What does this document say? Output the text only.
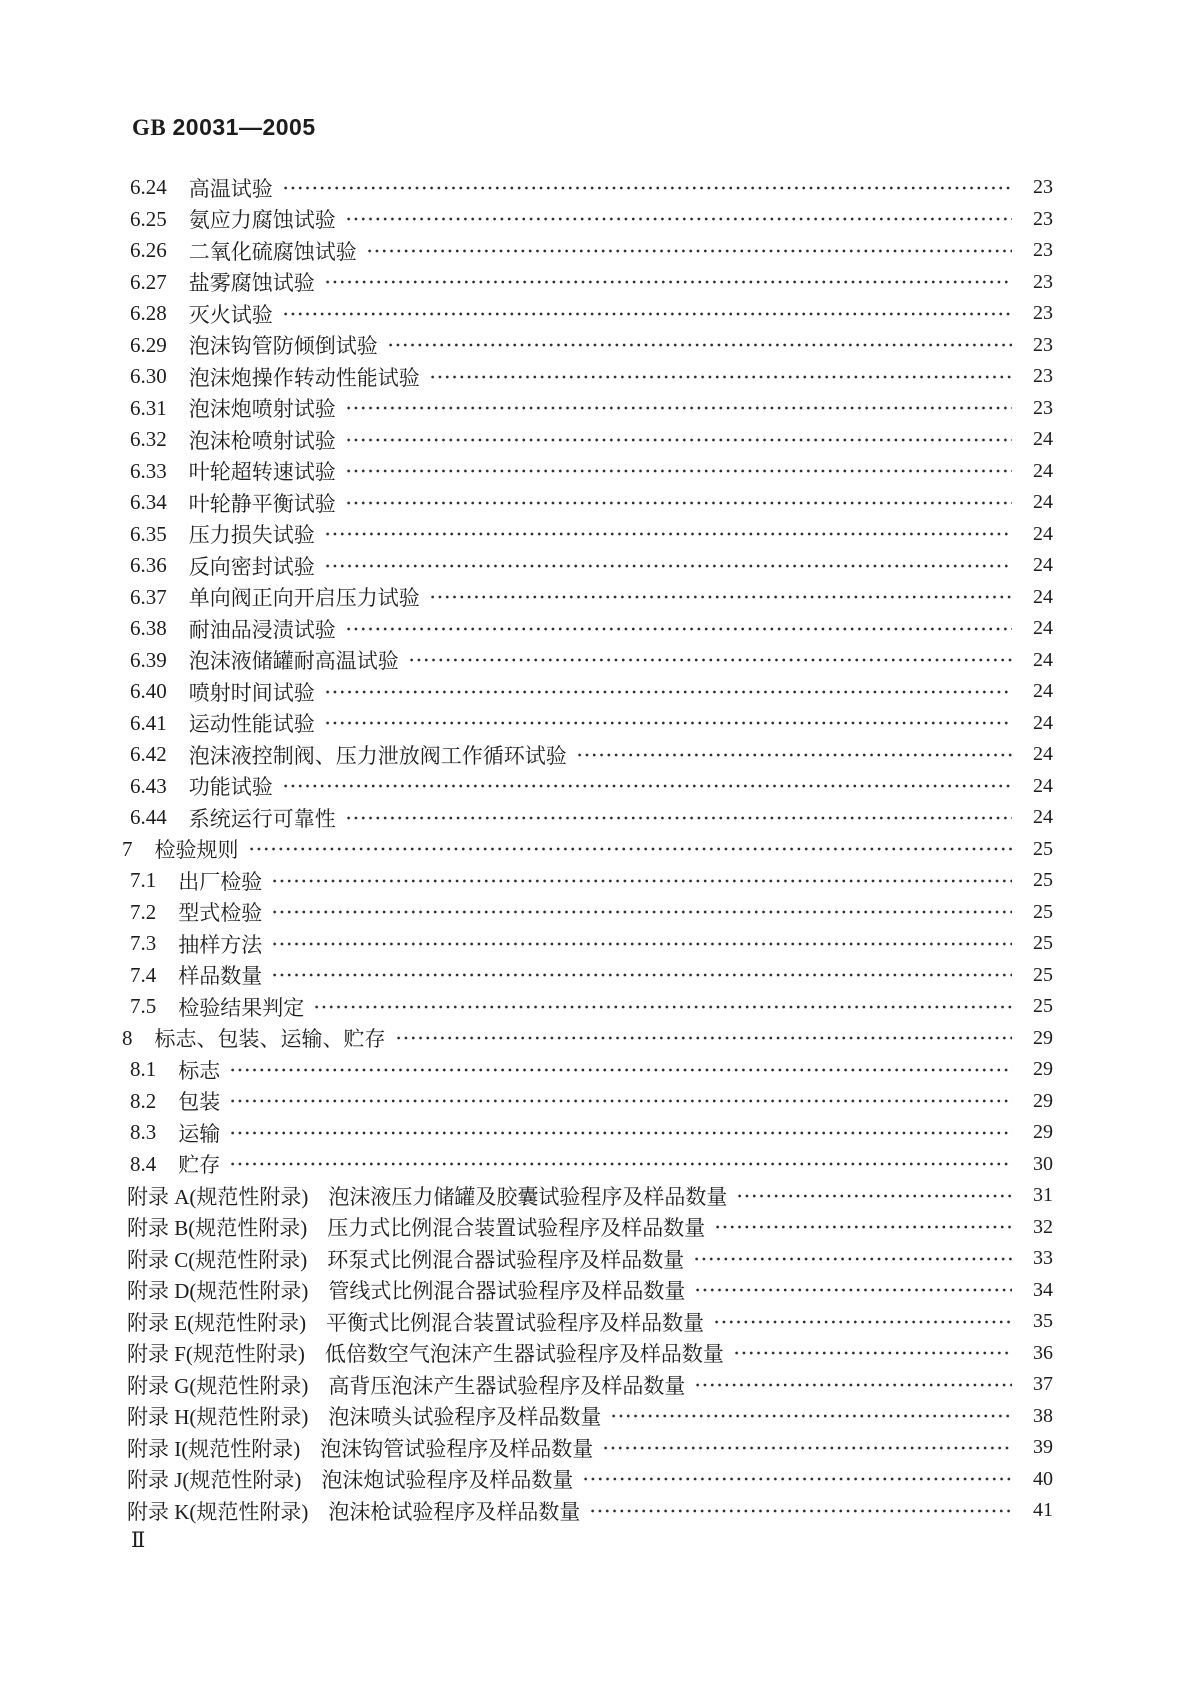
GB 20031—2005
6.24 高温试验	23
6.25 氨应力腐蚀试验	23
6.26 二氧化硫腐蚀试验	23
6.27 盐雾腐蚀试验	23
6.28 灭火试验	23
6.29 泡沫钩管防倾倒试验	23
6.30 泡沫炮操作转动性能试验	23
6.31 泡沫炮喷射试验	23
6.32 泡沫枪喷射试验	24
6.33 叶轮超转速试验	24
6.34 叶轮静平衡试验	24
6.35 压力损失试验	24
6.36 反向密封试验	24
6.37 单向阀正向开启压力试验	24
6.38 耐油品浸渍试验	24
6.39 泡沫液储罐耐高温试验	24
6.40 喷射时间试验	24
6.41 运动性能试验	24
6.42 泡沫液控制阀、压力泄放阀工作循环试验	24
6.43 功能试验	24
6.44 系统运行可靠性	24
7 检验规则	25
7.1 出厂检验	25
7.2 型式检验	25
7.3 抽样方法	25
7.4 样品数量	25
7.5 检验结果判定	25
8 标志、包装、运输、贮存	29
8.1 标志	29
8.2 包装	29
8.3 运输	29
8.4 贮存	30
附录 A(规范性附录) 泡沫液压力储罐及胶囊试验程序及样品数量	31
附录 B(规范性附录) 压力式比例混合装置试验程序及样品数量	32
附录 C(规范性附录) 环泵式比例混合器试验程序及样品数量	33
附录 D(规范性附录) 管线式比例混合器试验程序及样品数量	34
附录 E(规范性附录) 平衡式比例混合装置试验程序及样品数量	35
附录 F(规范性附录) 低倍数空气泡沫产生器试验程序及样品数量	36
附录 G(规范性附录) 高背压泡沫产生器试验程序及样品数量	37
附录 H(规范性附录) 泡沫喷头试验程序及样品数量	38
附录 I(规范性附录) 泡沫钩管试验程序及样品数量	39
附录 J(规范性附录) 泡沫炮试验程序及样品数量	40
附录 K(规范性附录) 泡沫枪试验程序及样品数量	41
Ⅱ
